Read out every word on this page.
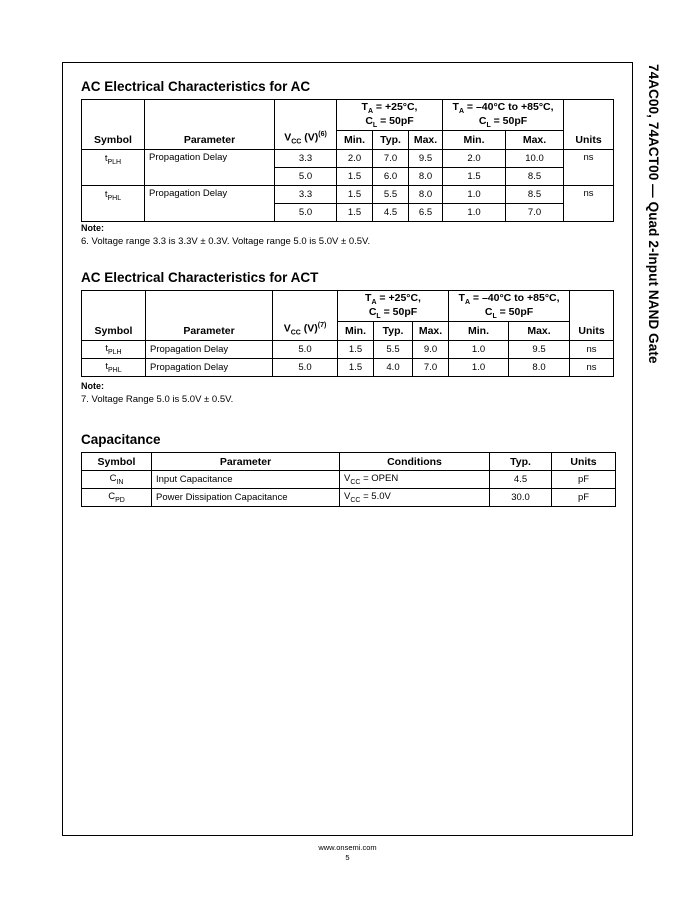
74AC00, 74ACT00 — Quad 2-Input NAND Gate
AC Electrical Characteristics for AC
Symbol	Parameter	$V_{CC}$ $(V)^{(6)}$	$T_A = +25^\circ C$,
$C_L = 50pF$			$T_A = -40^\circ C$ to +85°C,
$C_L = 50pF$		Units
			Min.	Typ.	Max.	Min.	Max.	
$t_{PLH}$	Propagation Delay	3.3	2.0	7.0	9.5	2.0	10.0	ns
		5.0	1.5	6.0	8.0	1.5	8.5	
$t_{PHL}$	Propagation Delay	3.3	1.5	5.5	8.0	1.0	8.5	ns
		5.0	1.5	4.5	6.5	1.0	7.0	

Note:

6. Voltage range 3.3 is 3.3V ± 0.3V. Voltage range 5.0 is 5.0V ± 0.5V.

AC Electrical Characteristics for ACT
Symbol	Parameter	$V_{CC}$ $(V)^{(7)}$	$T_A = +25^\circ C$,
$C_L = 50pF$			$T_A = -40^\circ C$ to +85°C,
$C_L = 50pF$		Units
			Min.	Typ.	Max.	Min.	Max.	
$t_{PLH}$	Propagation Delay	5.0	1.5	5.5	9.0	1.0	9.5	ns
$t_{PHL}$	Propagation Delay	5.0	1.5	4.0	7.0	1.0	8.0	ns

Note:

7. Voltage Range 5.0 is 5.0V ± 0.5V.

Capacitance
Symbol	Parameter	Conditions	Typ.	Units
$C_{IN}$	Input Capacitance	$V_{CC}$ = OPEN	4.5	pF
$C_{PD}$	Power Dissipation Capacitance	$V_{CC} = 5.0V$	30.0	pF
www.onsemi.com
5
